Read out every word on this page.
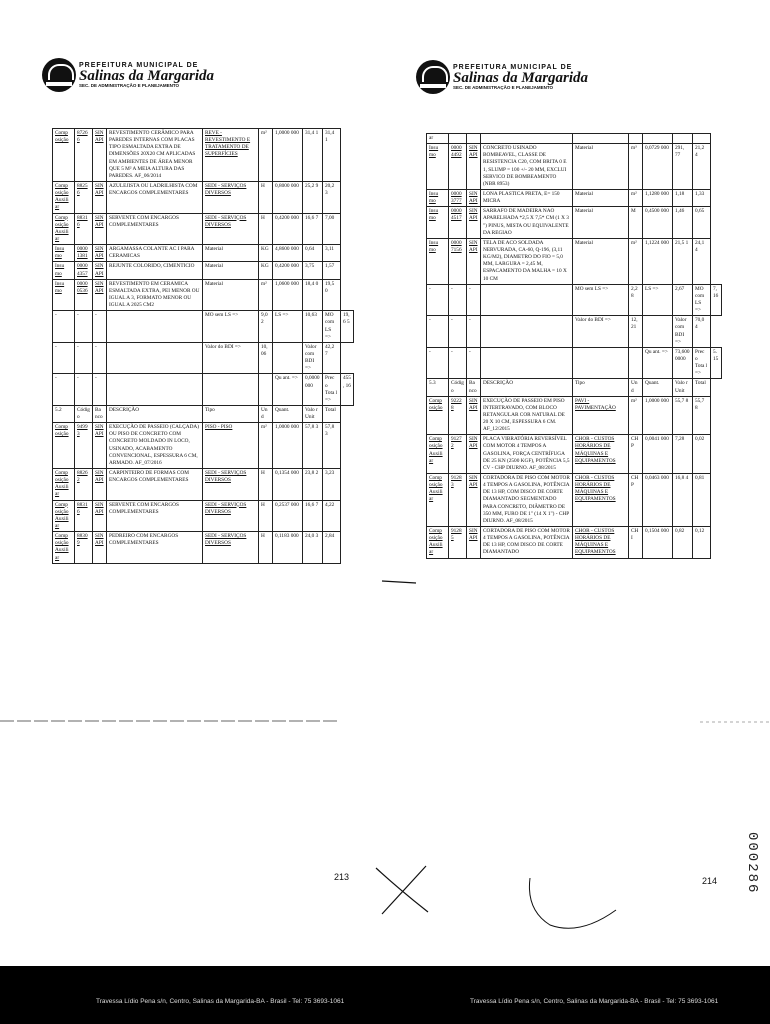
PREFEITURA MUNICIPAL DE
Salinas da Margarida
SEC. DE ADMINISTRAÇÃO E PLANEJAMENTO
PREFEITURA MUNICIPAL DE
Salinas da Margarida
SEC. DE ADMINISTRAÇÃO E PLANEJAMENTO
Comp osição	8726 6	SIN API	REVESTIMENTO CERÂMICO PARA PAREDES INTERNAS COM PLACAS TIPO ESMALTADA EXTRA DE DIMENSÕES 20X20 CM APLICADAS EM AMBIENTES DE ÁREA MENOR QUE 5 M² A MEIA ALTURA DAS PAREDES. AF_06/2014	REVE - REVESTIMENTO E TRATAMENTO DE SUPERFÍCIES	m²	1,0000 000	31,4 1	31,4 1	
Comp osição Auxili ar	8825 6	SIN API	AZULEJISTA OU LADRILHISTA COM ENCARGOS COMPLEMENTARES	SEDI - SERVIÇOS DIVERSOS	H	0,8000 000	25,2 9	20,2 3	
Comp osição Auxili ar	8831 6	SIN API	SERVENTE COM ENCARGOS COMPLEMENTARES	SEDI - SERVIÇOS DIVERSOS	H	0,4200 000	16,6 7	7,00	
Insu mo	0000 1381	SIN API	ARGAMASSA COLANTE AC I PARA CERAMICAS	Material	KG	4,8600 000	0,64	3,11	
Insu mo	0000 4357	SIN API	REJUNTE COLORIDO, CIMENTICIO	Material	KG	0,4200 000	3,75	1,57	
Insu mo	0000 0536	SIN API	REVESTIMENTO EM CERAMICA ESMALTADA EXTRA, PEI MENOR OU IGUAL A 3, FORMATO MENOR OU IGUAL A 2025 CM2	Material	m²	1,0600 000	18,4 0	19,5 0	
-	-	-		MO sem LS =>	9,02	LS =>	10,63	MO com LS =>	19,6 5
-	-	-		Valor do BDI =>	10,06		Valor com BDI =>	42,2 7	
-	-	-				Qu ant. =>	0,0000 000	Prec o Tota l =>	455, 16
5.2	Códig o	Ba nco	DESCRIÇÃO	Tipo	Un d	Quant.	Valo r Unit	Total	
Comp osição	9499 3	SIN API	EXECUÇÃO DE PASSEIO (CALÇADA) OU PISO DE CONCRETO COM CONCRETO MOLDADO IN LOCO, USINADO, ACABAMENTO CONVENCIONAL, ESPESSURA 6 CM, ARMADO. AF_07/2016	PISO - PISO	m²	1,0000 000	57,8 3	57,8 3	
Comp osição Auxili ar	8826 2	SIN API	CARPINTEIRO DE FORMAS COM ENCARGOS COMPLEMENTARES	SEDI - SERVIÇOS DIVERSOS	H	0,1354 000	23,8 2	3,23	
Comp osição Auxili ar	8831 6	SIN API	SERVENTE COM ENCARGOS COMPLEMENTARES	SEDI - SERVIÇOS DIVERSOS	H	0,2537 000	16,6 7	4,22	
Comp osição Auxili ar	8830 9	SIN API	PEDREIRO COM ENCARGOS COMPLEMENTARES	SEDI - SERVIÇOS DIVERSOS	H	0,1183 000	24,0 3	2,84	
ar									
Insu mo	0000 4492	SIN API	CONCRETO USINADO BOMBEAVEL, CLASSE DE RESISTENCIA C20, COM BRITA 0 E 1, SLUMP = 100 +/- 20 MM, EXCLUI SERVICO DE BOMBEAMENTO (NBR 8953)	Material	m³	0,0729 000	291, 77	21,2 4	
Insu mo	0000 3777	SIN API	LONA PLASTICA PRETA, E= 150 MICRA	Material	m²	1,1280 000	1,18	1,33	
Insu mo	0000 4517	SIN API	SARRAFO DE MADEIRA NAO APARELHADA *2,5 X 7,5* CM (1 X 3 ") PINUS, MISTA OU EQUIVALENTE DA REGIAO	Material	M	0,4500 000	1,46	0,65	
Insu mo	0000 7156	SIN API	TELA DE ACO SOLDADA NERVURADA, CA-60, Q-196, (3,11 KG/M2), DIAMETRO DO FIO = 5,0 MM, LARGURA = 2,45 M, ESPACAMENTO DA MALHA = 10 X 10 CM	Material	m²	1,1224 000	21,5 1	24,1 4	
-	-	-		MO sem LS =>	2,28	LS =>	2,67	MO com LS =>	7,16
-	-	-		Valor do BDI =>	12,21		Valor com BDI =>	70,0 4	
-	-	-				Qu ant. =>	73,600 0000	Prec o Tota l =>	5.15
5.3	Códig o	Ba nco	DESCRIÇÃO	Tipo	Un d	Quant.	Valo r Unit	Total	
Comp osição	9222 8	SIN API	EXECUÇÃO DE PASSEIO EM PISO INTERTRAVADO, COM BLOCO RETANGULAR COR NATURAL DE 20 X 10 CM, ESPESSURA 6 CM. AF_12/2015	PAVI - PAVIMENTAÇÃO	m²	1,0000 000	55,7 8	55,7 8	
Comp osição Auxili ar	9127 2	SIN API	PLACA VIBRATÓRIA REVERSÍVEL COM MOTOR 4 TEMPOS A GASOLINA, FORÇA CENTRÍFUGA DE 25 KN (2500 KGF), POTÊNCIA 5,5 CV - CHP DIURNO. AF_08/2015	CHOR - CUSTOS HORÁRIOS DE MÁQUINAS E EQUIPAMENTOS	CH P	0,0041 000	7,28	0,02	
Comp osição Auxili ar	9128 3	SIN API	CORTADORA DE PISO COM MOTOR 4 TEMPOS A GASOLINA, POTÊNCIA DE 13 HP, COM DISCO DE CORTE DIAMANTADO SEGMENTADO PARA CONCRETO, DIÂMETRO DE 350 MM, FURO DE 1" (14 X 1") - CHP DIURNO. AF_08/2015	CHOR - CUSTOS HORÁRIOS DE MÁQUINAS E EQUIPAMENTOS	CH P	0,0463 000	16,8 4	0,81	
Comp osição Auxili ar	9128 5	SIN API	CORTADORA DE PISO COM MOTOR 4 TEMPOS A GASOLINA, POTÊNCIA DE 13 HP, COM DISCO DE CORTE DIAMANTADO	CHOR - CUSTOS HORÁRIOS DE MÁQUINAS E EQUIPAMENTOS	CHI	0,1504 000	0,82	0,12	
213	214 000286
Travessa Lídio Pena s/n, Centro, Salinas da Margarida-BA - Brasil - Tel: 75 3693-1061	Travessa Lídio Pena s/n, Centro, Salinas da Margarida-BA - Brasil - Tel: 75 3693-1061
